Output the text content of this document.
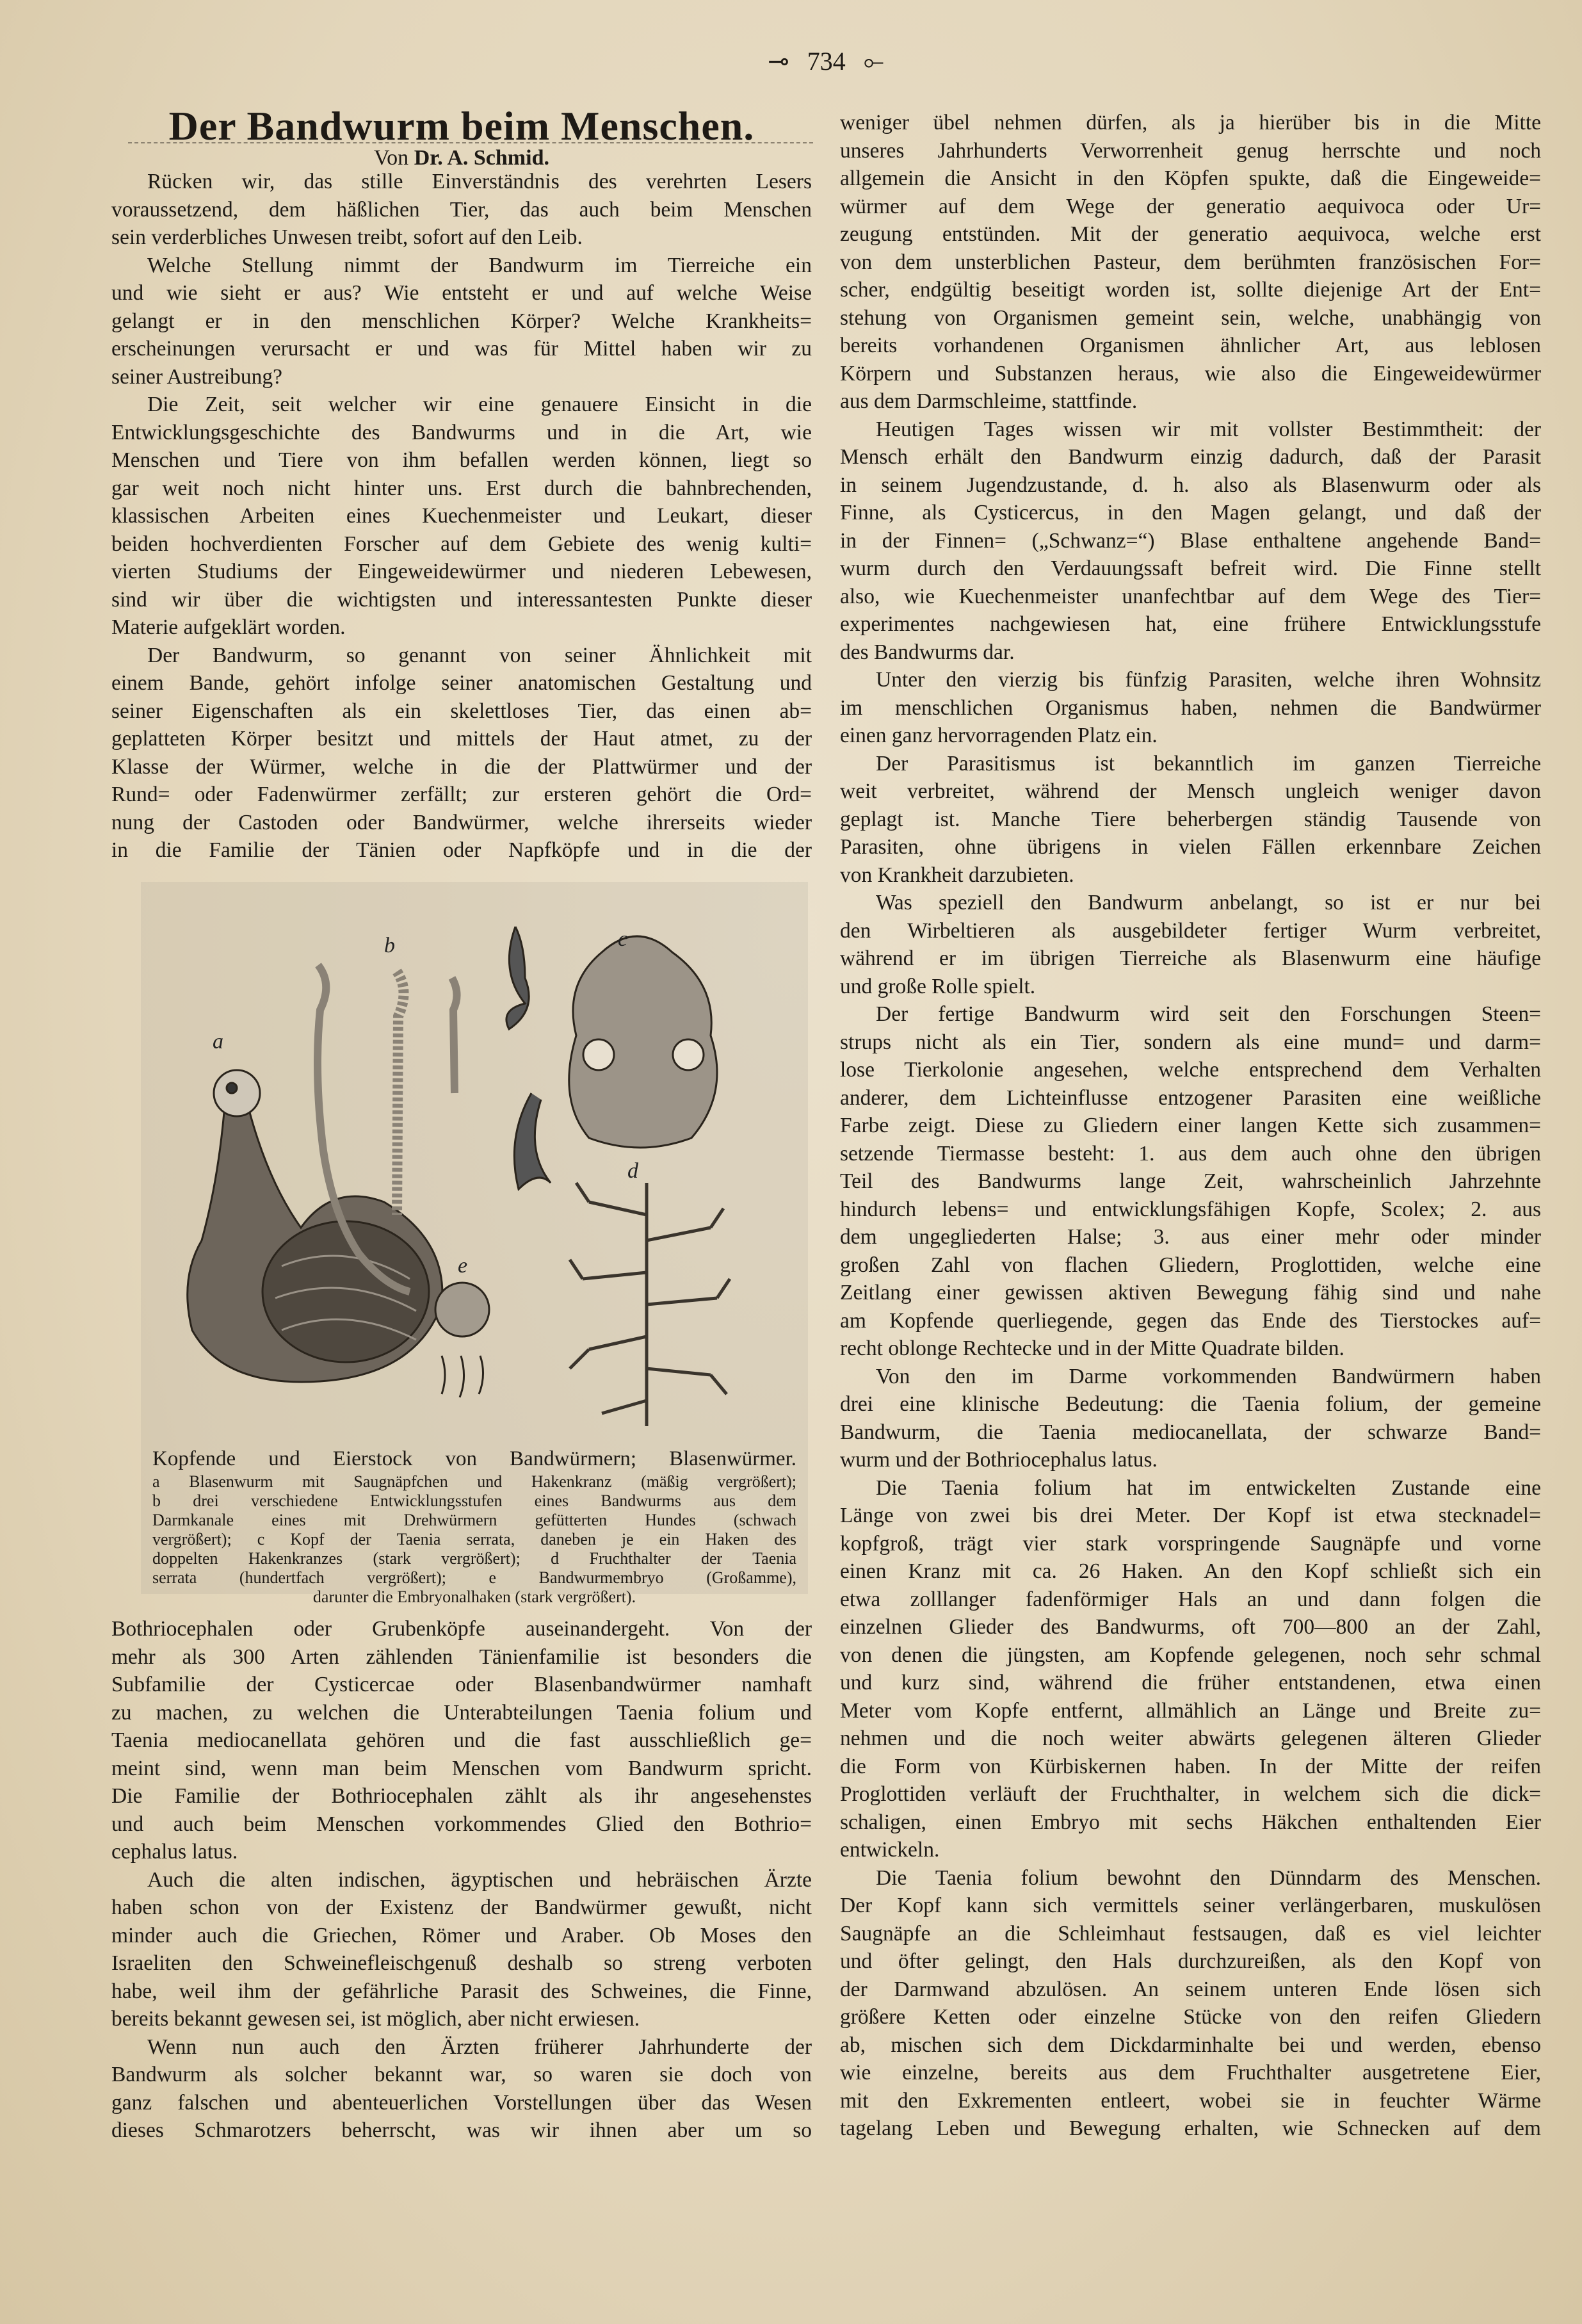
⊸ 734 ⟜
Der Bandwurm beim Menschen.
Von Dr. A. Schmid.
Rücken wir, das stille Einverständnis des verehrten Lesers
voraussetzend, dem häßlichen Tier, das auch beim Menschen
sein verderbliches Unwesen treibt, sofort auf den Leib.
Welche Stellung nimmt der Bandwurm im Tierreiche ein
und wie sieht er aus? Wie entsteht er und auf welche Weise
gelangt er in den menschlichen Körper? Welche Krankheits=
erscheinungen verursacht er und was für Mittel haben wir zu
seiner Austreibung?
Die Zeit, seit welcher wir eine genauere Einsicht in die
Entwicklungsgeschichte des Bandwurms und in die Art, wie
Menschen und Tiere von ihm befallen werden können, liegt so
gar weit noch nicht hinter uns. Erst durch die bahnbrechenden,
klassischen Arbeiten eines Kuechenmeister und Leukart, dieser
beiden hochverdienten Forscher auf dem Gebiete des wenig kulti=
vierten Studiums der Eingeweidewürmer und niederen Lebewesen,
sind wir über die wichtigsten und interessantesten Punkte dieser
Materie aufgeklärt worden.
Der Bandwurm, so genannt von seiner Ähnlichkeit mit
einem Bande, gehört infolge seiner anatomischen Gestaltung und
seiner Eigenschaften als ein skelettloses Tier, das einen ab=
geplatteten Körper besitzt und mittels der Haut atmet, zu der
Klasse der Würmer, welche in die der Plattwürmer und der
Rund= oder Fadenwürmer zerfällt; zur ersteren gehört die Ord=
nung der Castoden oder Bandwürmer, welche ihrerseits wieder
in die Familie der Tänien oder Napfköpfe und in die der
a
b	c
d
e
Kopfende und Eierstock von Bandwürmern; Blasenwürmer.
a Blasenwurm mit Saugnäpfchen und Hakenkranz (mäßig vergrößert);
b drei verschiedene Entwicklungsstufen eines Bandwurms aus dem
Darmkanale eines mit Drehwürmern gefütterten Hundes (schwach
vergrößert); c Kopf der Taenia serrata, daneben je ein Haken des
doppelten Hakenkranzes (stark vergrößert); d Fruchthalter der Taenia
serrata (hundertfach vergrößert); e Bandwurmembryo (Großamme),
darunter die Embryonalhaken (stark vergrößert).
Bothriocephalen oder Grubenköpfe auseinandergeht. Von der
mehr als 300 Arten zählenden Tänienfamilie ist besonders die
Subfamilie der Cysticercae oder Blasenbandwürmer namhaft
zu machen, zu welchen die Unterabteilungen Taenia folium und
Taenia mediocanellata gehören und die fast ausschließlich ge=
meint sind, wenn man beim Menschen vom Bandwurm spricht.
Die Familie der Bothriocephalen zählt als ihr angesehenstes
und auch beim Menschen vorkommendes Glied den Bothrio=
cephalus latus.
Auch die alten indischen, ägyptischen und hebräischen Ärzte
haben schon von der Existenz der Bandwürmer gewußt, nicht
minder auch die Griechen, Römer und Araber. Ob Moses den
Israeliten den Schweinefleischgenuß deshalb so streng verboten
habe, weil ihm der gefährliche Parasit des Schweines, die Finne,
bereits bekannt gewesen sei, ist möglich, aber nicht erwiesen.
Wenn nun auch den Ärzten früherer Jahrhunderte der
Bandwurm als solcher bekannt war, so waren sie doch von
ganz falschen und abenteuerlichen Vorstellungen über das Wesen
dieses Schmarotzers beherrscht, was wir ihnen aber um so
weniger übel nehmen dürfen, als ja hierüber bis in die Mitte
unseres Jahrhunderts Verworrenheit genug herrschte und noch
allgemein die Ansicht in den Köpfen spukte, daß die Eingeweide=
würmer auf dem Wege der generatio aequivoca oder Ur=
zeugung entstünden. Mit der generatio aequivoca, welche erst
von dem unsterblichen Pasteur, dem berühmten französischen For=
scher, endgültig beseitigt worden ist, sollte diejenige Art der Ent=
stehung von Organismen gemeint sein, welche, unabhängig von
bereits vorhandenen Organismen ähnlicher Art, aus leblosen
Körpern und Substanzen heraus, wie also die Eingeweidewürmer
aus dem Darmschleime, stattfinde.
Heutigen Tages wissen wir mit vollster Bestimmtheit: der
Mensch erhält den Bandwurm einzig dadurch, daß der Parasit
in seinem Jugendzustande, d. h. also als Blasenwurm oder als
Finne, als Cysticercus, in den Magen gelangt, und daß der
in der Finnen= („Schwanz=“) Blase enthaltene angehende Band=
wurm durch den Verdauungssaft befreit wird. Die Finne stellt
also, wie Kuechenmeister unanfechtbar auf dem Wege des Tier=
experimentes nachgewiesen hat, eine frühere Entwicklungsstufe
des Bandwurms dar.
Unter den vierzig bis fünfzig Parasiten, welche ihren Wohnsitz
im menschlichen Organismus haben, nehmen die Bandwürmer
einen ganz hervorragenden Platz ein.
Der Parasitismus ist bekanntlich im ganzen Tierreiche
weit verbreitet, während der Mensch ungleich weniger davon
geplagt ist. Manche Tiere beherbergen ständig Tausende von
Parasiten, ohne übrigens in vielen Fällen erkennbare Zeichen
von Krankheit darzubieten.
Was speziell den Bandwurm anbelangt, so ist er nur bei
den Wirbeltieren als ausgebildeter fertiger Wurm verbreitet,
während er im übrigen Tierreiche als Blasenwurm eine häufige
und große Rolle spielt.
Der fertige Bandwurm wird seit den Forschungen Steen=
strups nicht als ein Tier, sondern als eine mund= und darm=
lose Tierkolonie angesehen, welche entsprechend dem Verhalten
anderer, dem Lichteinflusse entzogener Parasiten eine weißliche
Farbe zeigt. Diese zu Gliedern einer langen Kette sich zusammen=
setzende Tiermasse besteht: 1. aus dem auch ohne den übrigen
Teil des Bandwurms lange Zeit, wahrscheinlich Jahrzehnte
hindurch lebens= und entwicklungsfähigen Kopfe, Scolex; 2. aus
dem ungegliederten Halse; 3. aus einer mehr oder minder
großen Zahl von flachen Gliedern, Proglottiden, welche eine
Zeitlang einer gewissen aktiven Bewegung fähig sind und nahe
am Kopfende querliegende, gegen das Ende des Tierstockes auf=
recht oblonge Rechtecke und in der Mitte Quadrate bilden.
Von den im Darme vorkommenden Bandwürmern haben
drei eine klinische Bedeutung: die Taenia folium, der gemeine
Bandwurm, die Taenia mediocanellata, der schwarze Band=
wurm und der Bothriocephalus latus.
Die Taenia folium hat im entwickelten Zustande eine
Länge von zwei bis drei Meter. Der Kopf ist etwa stecknadel=
kopfgroß, trägt vier stark vorspringende Saugnäpfe und vorne
einen Kranz mit ca. 26 Haken. An den Kopf schließt sich ein
etwa zolllanger fadenförmiger Hals an und dann folgen die
einzelnen Glieder des Bandwurms, oft 700—800 an der Zahl,
von denen die jüngsten, am Kopfende gelegenen, noch sehr schmal
und kurz sind, während die früher entstandenen, etwa einen
Meter vom Kopfe entfernt, allmählich an Länge und Breite zu=
nehmen und die noch weiter abwärts gelegenen älteren Glieder
die Form von Kürbiskernen haben. In der Mitte der reifen
Proglottiden verläuft der Fruchthalter, in welchem sich die dick=
schaligen, einen Embryo mit sechs Häkchen enthaltenden Eier
entwickeln.
Die Taenia folium bewohnt den Dünndarm des Menschen.
Der Kopf kann sich vermittels seiner verlängerbaren, muskulösen
Saugnäpfe an die Schleimhaut festsaugen, daß es viel leichter
und öfter gelingt, den Hals durchzureißen, als den Kopf von
der Darmwand abzulösen. An seinem unteren Ende lösen sich
größere Ketten oder einzelne Stücke von den reifen Gliedern
ab, mischen sich dem Dickdarminhalte bei und werden, ebenso
wie einzelne, bereits aus dem Fruchthalter ausgetretene Eier,
mit den Exkrementen entleert, wobei sie in feuchter Wärme
tagelang Leben und Bewegung erhalten, wie Schnecken auf dem
